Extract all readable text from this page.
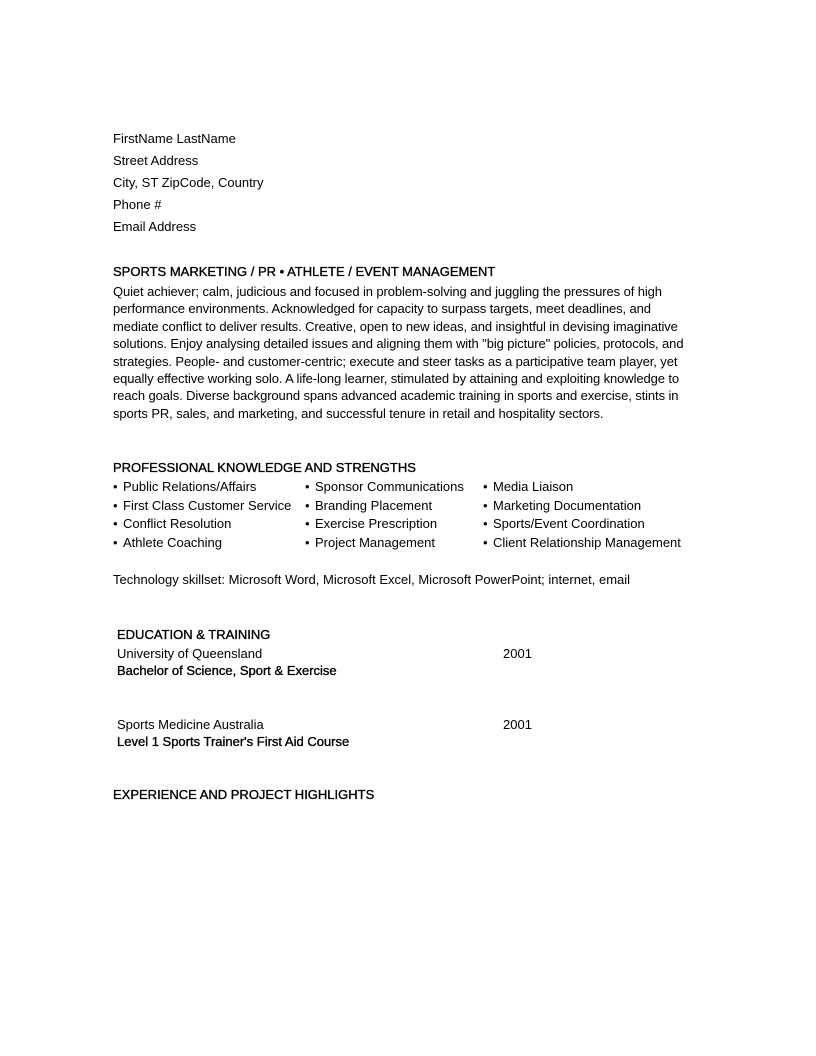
FirstName LastName
Street Address
City, ST ZipCode, Country
Phone #
Email Address
SPORTS MARKETING / PR • ATHLETE / EVENT MANAGEMENT
Quiet achiever; calm, judicious and focused in problem-solving and juggling the pressures of high performance environments. Acknowledged for capacity to surpass targets, meet deadlines, and mediate conflict to deliver results. Creative, open to new ideas, and insightful in devising imaginative solutions. Enjoy analysing detailed issues and aligning them with "big picture" policies, protocols, and strategies. People- and customer-centric; execute and steer tasks as a participative team player, yet equally effective working solo. A life-long learner, stimulated by attaining and exploiting knowledge to reach goals. Diverse background spans advanced academic training in sports and exercise, stints in sports PR, sales, and marketing, and successful tenure in retail and hospitality sectors.
PROFESSIONAL KNOWLEDGE AND STRENGTHS
• Public Relations/Affairs
• First Class Customer Service
• Conflict Resolution
• Athlete Coaching
• Sponsor Communications
• Branding Placement
• Exercise Prescription
• Project Management
• Media Liaison
• Marketing Documentation
• Sports/Event Coordination
• Client Relationship Management
Technology skillset: Microsoft Word, Microsoft Excel, Microsoft PowerPoint; internet, email
EDUCATION & TRAINING
University of Queensland	2001
Bachelor of Science, Sport & Exercise
Sports Medicine Australia	2001
Level 1 Sports Trainer's First Aid Course
EXPERIENCE AND PROJECT HIGHLIGHTS
